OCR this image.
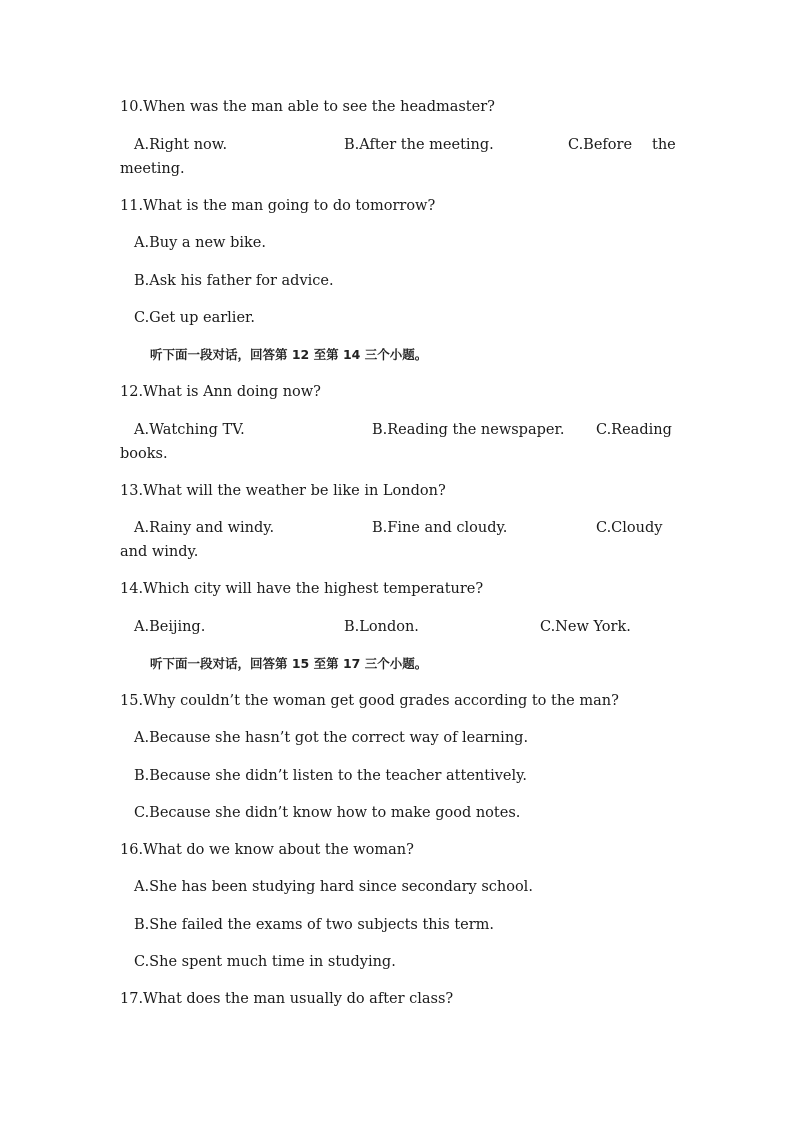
10.When was the man able to see the headmaster?
A.Right now.	B.After the meeting.	C.Before the
meeting.
11.What is the man going to do tomorrow?
A.Buy a new bike.
B.Ask his father for advice.
C.Get up earlier.
听下面一段对话，回答第 12 至第 14 三个小题。
12.What is Ann doing now?
A.Watching TV.	B.Reading the newspaper. C.Reading
books.
13.What will the weather be like in London?
A.Rainy and windy.	B.Fine and cloudy.	C.Cloudy
and windy.
14.Which city will have the highest temperature?
A.Beijing.	B.London.	C.New York.
听下面一段对话，回答第 15 至第 17 三个小题。
15.Why couldn’t the woman get good grades according to the man?
A.Because she hasn’t got the correct way of learning.
B.Because she didn’t listen to the teacher attentively.
C.Because she didn’t know how to make good notes.
16.What do we know about the woman?
A.She has been studying hard since secondary school.
B.She failed the exams of two subjects this term.
C.She spent much time in studying.
17.What does the man usually do after class?
